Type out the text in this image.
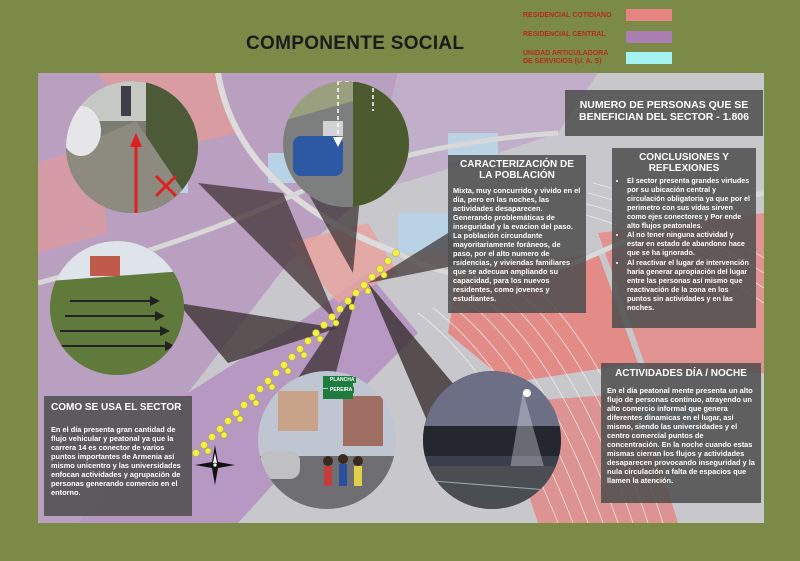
COMPONENTE SOCIAL
RESIDENCIAL COTIDIANO
RESIDENCIAL CENTRAL
UNIDAD ARTICULADORA DE SERVICIOS (U. A. S)
NUMERO DE PERSONAS QUE SE BENEFICIAN DEL SECTOR - 1.806
CARACTERIZACIÓN DE LA POBLACIÓN
Mixta, muy concurrido y vivido en el día, pero en las noches, las actividades desaparecen. Generando problemáticas de inseguridad y la evacion del paso. La población circundante mayoritariamente foráneos, de paso, por el alto numero de rsidencias, y viviendas familiares que se adecuan ampliando su capacidad, para los nuevos residentes, como jovenes y estudiantes.
CONCLUSIONES Y REFLEXIONES
• El sector presenta grandes virtudes por su ubicación central y circulación obligatoria ya que por el perimetro con sus vidas sirven como ejes conectores y Por ende alto flujos peatonales.
• Al no tener ninguna actividad y estar en estado de abandono hace que se ha ignorado.
• Al reactivar el lugar de intervención haria generar apropiación del lugar entre las personas así mismo que reactivación de la zona en los puntos sin actividades y en las noches.
ACTIVIDADES DÍA / NOCHE
En el día peatonal mente presenta un alto flujo de personas continuo, atrayendo un alto comercio informal que genera diferentes dinamicas en el lugar, así mismo, siendo las universidades y el centro comercial puntos de concentración. En la noche cuando estas mismas cierran los flujos y actividades desaparecen provocando inseguridad y la nula circulación a falta de espacios que llamen la atención.
COMO SE USA EL SECTOR
En el día presenta gran cantidad de flujo vehicular y peatonal ya que la carrera 14 es conector de varios puntos importantes de Armenia así mismo unicentro y las universidades enfocan actividades y agrupación de personas generando comercio en el entorno.
PLANCHA
PEREIRA
